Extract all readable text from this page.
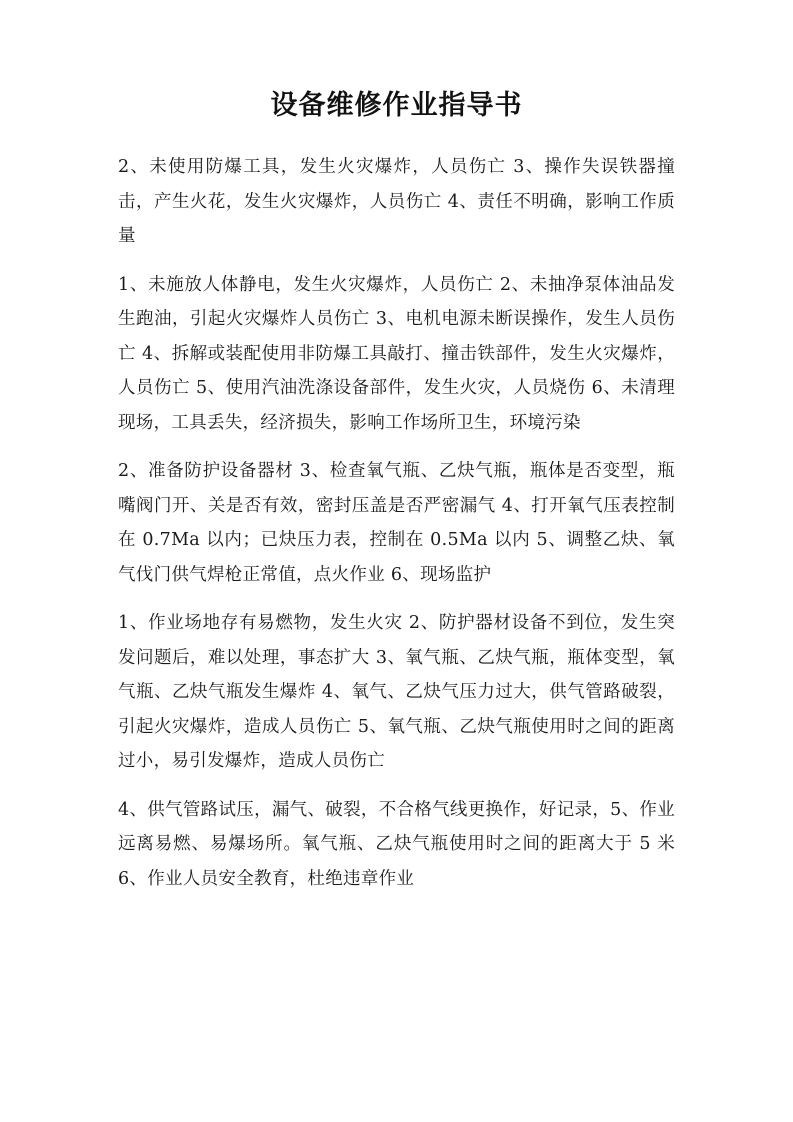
设备维修作业指导书

2、未使用防爆工具，发生火灾爆炸，人员伤亡 3、操作失误铁器撞击，产生火花，发生火灾爆炸，人员伤亡 4、责任不明确，影响工作质量

1、未施放人体静电，发生火灾爆炸，人员伤亡 2、未抽净泵体油品发生跑油，引起火灾爆炸人员伤亡 3、电机电源未断误操作，发生人员伤亡 4、拆解或装配使用非防爆工具敲打、撞击铁部件，发生火灾爆炸，人员伤亡 5、使用汽油洗涤设备部件，发生火灾，人员烧伤 6、未清理现场，工具丢失，经济损失，影响工作场所卫生，环境污染

2、准备防护设备器材 3、检查氧气瓶、乙炔气瓶，瓶体是否变型，瓶嘴阀门开、关是否有效，密封压盖是否严密漏气 4、打开氧气压表控制在 0.7Ma 以内；已炔压力表，控制在 0.5Ma 以内 5、调整乙炔、氧气伐门供气焊枪正常值，点火作业 6、现场监护

1、作业场地存有易燃物，发生火灾 2、防护器材设备不到位，发生突发问题后，难以处理，事态扩大 3、氧气瓶、乙炔气瓶，瓶体变型，氧气瓶、乙炔气瓶发生爆炸 4、氧气、乙炔气压力过大，供气管路破裂，引起火灾爆炸，造成人员伤亡 5、氧气瓶、乙炔气瓶使用时之间的距离过小，易引发爆炸，造成人员伤亡

4、供气管路试压，漏气、破裂，不合格气线更换作，好记录，5、作业远离易燃、易爆场所。氧气瓶、乙炔气瓶使用时之间的距离大于 5 米 6、作业人员安全教育，杜绝违章作业
